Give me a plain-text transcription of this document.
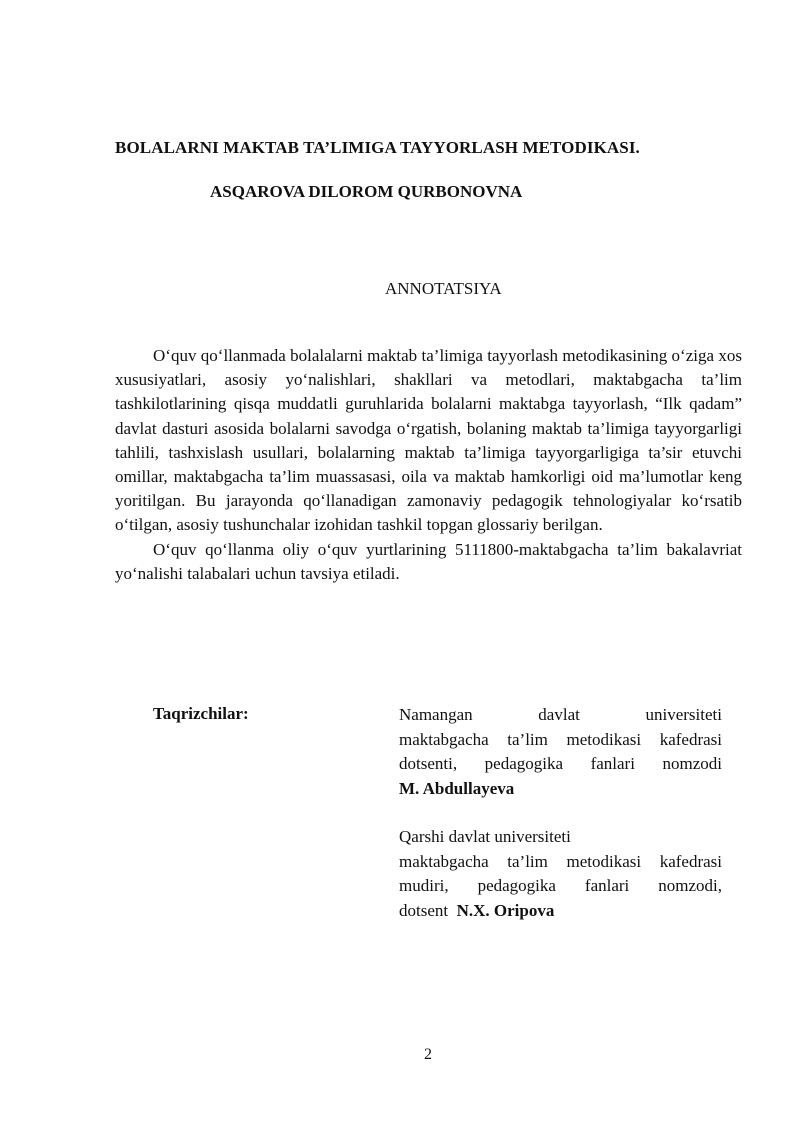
BOLALARNI MAKTAB TA’LIMIGA TAYYORLASH METODIKASI.
ASQAROVA DILOROM QURBONOVNA
ANNOTATSIYA

O‘quv qo‘llanmada bolalalarni maktab ta’limiga tayyorlash metodikasining o‘ziga xos xususiyatlari, asosiy yo‘nalishlari, shakllari va metodlari, maktabgacha ta’lim tashkilotlarining qisqa muddatli guruhlarida bolalarni maktabga tayyorlash, “Ilk qadam” davlat dasturi asosida bolalarni savodga o‘rgatish, bolaning maktab ta’limiga tayyorgarligi tahlili, tashxislash usullari, bolalarning maktab ta’limiga tayyorgarligiga ta’sir etuvchi omillar, maktabgacha ta’lim muassasasi, oila va maktab hamkorligi oid ma’lumotlar keng yoritilgan. Bu jarayonda qo‘llanadigan zamonaviy pedagogik tehnologiyalar ko‘rsatib o‘tilgan, asosiy tushunchalar izohidan tashkil topgan glossariy berilgan.

O‘quv qo‘llanma oliy o‘quv yurtlarining 5111800-maktabgacha ta’lim bakalavriat yo‘nalishi talabalari uchun tavsiya etiladi.

Taqrizchilar:	Namangan davlat universiteti
maktabgacha ta’lim metodikasi kafedrasi
dotsenti, pedagogika fanlari nomzodi
M. Abdullayeva
Qarshi davlat universiteti
maktabgacha ta’lim metodikasi kafedrasi
mudiri, pedagogika fanlari nomzodi,
dotsent  N.X. Oripova
2
